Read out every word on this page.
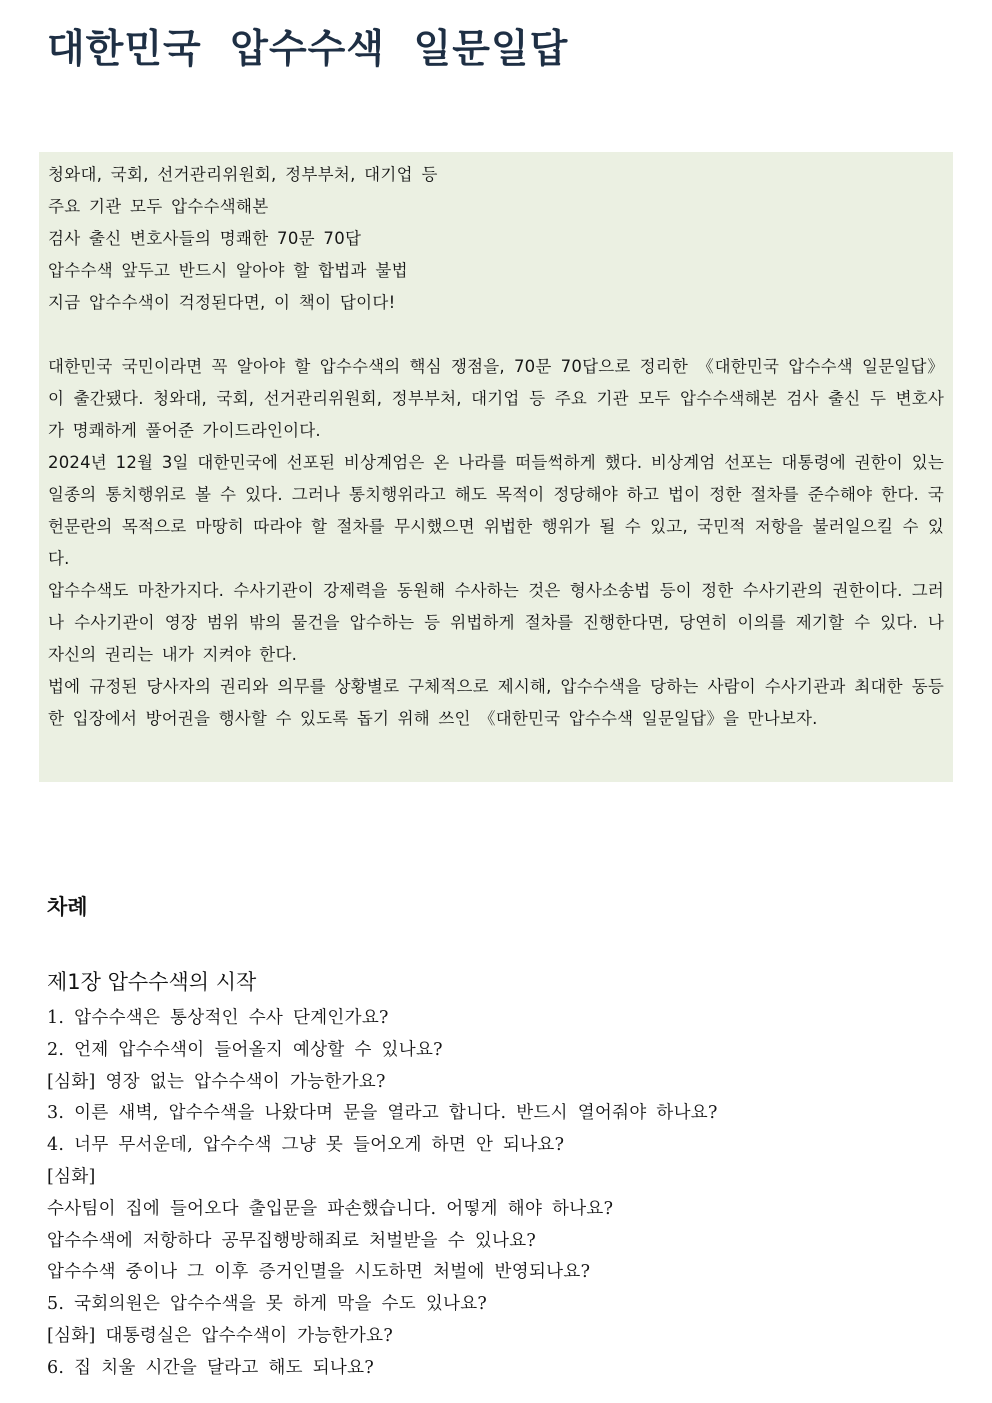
대한민국 압수수색 일문일답

청와대, 국회, 선거관리위원회, 정부부처, 대기업 등

주요 기관 모두 압수수색해본

검사 출신 변호사들의 명쾌한 70문 70답

압수수색 앞두고 반드시 알아야 할 합법과 불법

지금 압수수색이 걱정된다면, 이 책이 답이다!

대한민국 국민이라면 꼭 알아야 할 압수수색의 핵심 쟁점을, 70문 70답으로 정리한 《대한민국 압수수색 일문일답》이 출간됐다. 청와대, 국회, 선거관리위원회, 정부부처, 대기업 등 주요 기관 모두 압수수색해본 검사 출신 두 변호사가 명쾌하게 풀어준 가이드라인이다.

2024년 12월 3일 대한민국에 선포된 비상계엄은 온 나라를 떠들썩하게 했다. 비상계엄 선포는 대통령에 권한이 있는 일종의 통치행위로 볼 수 있다. 그러나 통치행위라고 해도 목적이 정당해야 하고 법이 정한 절차를 준수해야 한다. 국헌문란의 목적으로 마땅히 따라야 할 절차를 무시했으면 위법한 행위가 될 수 있고, 국민적 저항을 불러일으킬 수 있다.

압수수색도 마찬가지다. 수사기관이 강제력을 동원해 수사하는 것은 형사소송법 등이 정한 수사기관의 권한이다. 그러나 수사기관이 영장 범위 밖의 물건을 압수하는 등 위법하게 절차를 진행한다면, 당연히 이의를 제기할 수 있다. 나 자신의 권리는 내가 지켜야 한다.

법에 규정된 당사자의 권리와 의무를 상황별로 구체적으로 제시해, 압수수색을 당하는 사람이 수사기관과 최대한 동등한 입장에서 방어권을 행사할 수 있도록 돕기 위해 쓰인 《대한민국 압수수색 일문일답》을 만나보자.

차례
제1장 압수수색의 시작
1. 압수수색은 통상적인 수사 단계인가요?
2. 언제 압수수색이 들어올지 예상할 수 있나요?
[심화] 영장 없는 압수수색이 가능한가요?
3. 이른 새벽, 압수수색을 나왔다며 문을 열라고 합니다. 반드시 열어줘야 하나요?
4. 너무 무서운데, 압수수색 그냥 못 들어오게 하면 안 되나요?
[심화]
수사팀이 집에 들어오다 출입문을 파손했습니다. 어떻게 해야 하나요?
압수수색에 저항하다 공무집행방해죄로 처벌받을 수 있나요?
압수수색 중이나 그 이후 증거인멸을 시도하면 처벌에 반영되나요?
5. 국회의원은 압수수색을 못 하게 막을 수도 있나요?
[심화] 대통령실은 압수수색이 가능한가요?
6. 집 치울 시간을 달라고 해도 되나요?
